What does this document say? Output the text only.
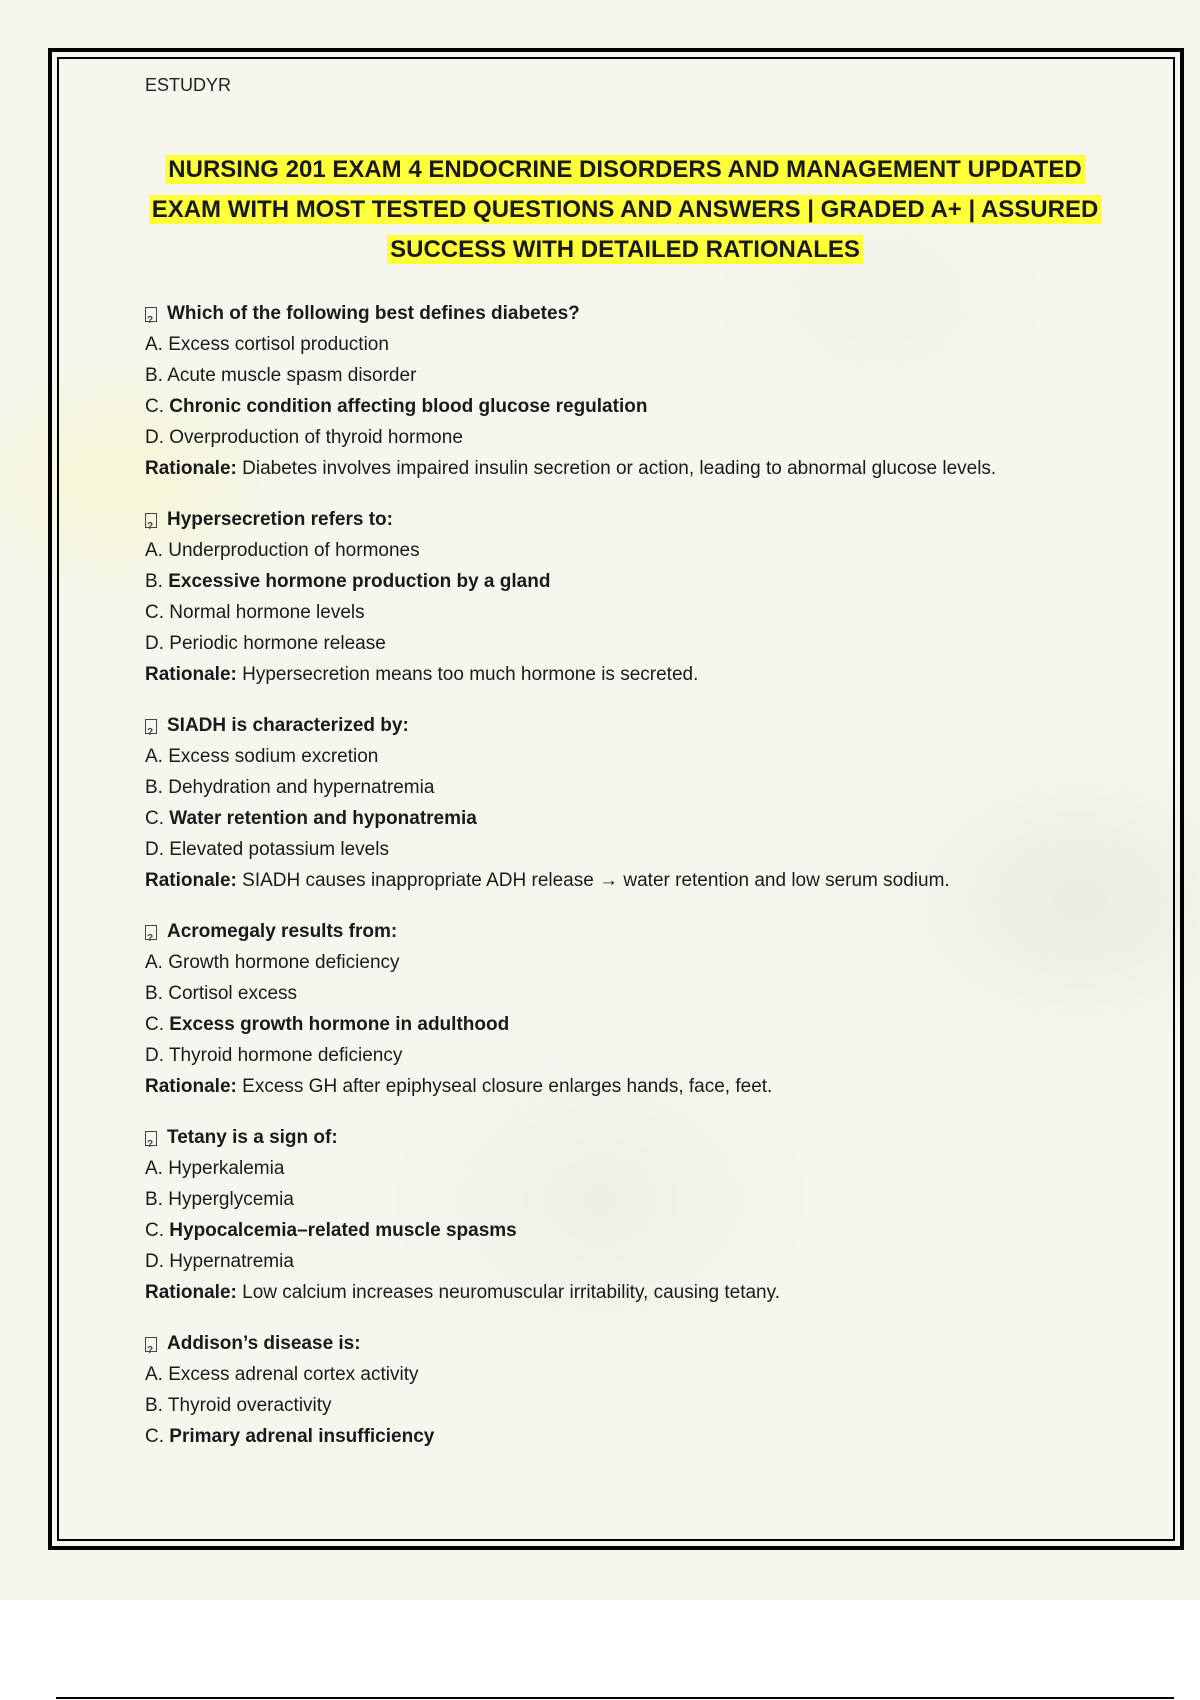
ESTUDYR
NURSING 201 EXAM 4 ENDOCRINE DISORDERS AND MANAGEMENT UPDATED
EXAM WITH MOST TESTED QUESTIONS AND ANSWERS | GRADED A+ | ASSURED
SUCCESS WITH DETAILED RATIONALES
?
Which of the following best defines diabetes?
A. Excess cortisol production
B. Acute muscle spasm disorder
C. Chronic condition affecting blood glucose regulation
D. Overproduction of thyroid hormone
Rationale: Diabetes involves impaired insulin secretion or action, leading to abnormal glucose levels.
?
Hypersecretion refers to:
A. Underproduction of hormones
B. Excessive hormone production by a gland
C. Normal hormone levels
D. Periodic hormone release
Rationale: Hypersecretion means too much hormone is secreted.
?
SIADH is characterized by:
A. Excess sodium excretion
B. Dehydration and hypernatremia
C. Water retention and hyponatremia
D. Elevated potassium levels
Rationale: SIADH causes inappropriate ADH release → water retention and low serum sodium.
?
Acromegaly results from:
A. Growth hormone deficiency
B. Cortisol excess
C. Excess growth hormone in adulthood
D. Thyroid hormone deficiency
Rationale: Excess GH after epiphyseal closure enlarges hands, face, feet.
?
Tetany is a sign of:
A. Hyperkalemia
B. Hyperglycemia
C. Hypocalcemia–related muscle spasms
D. Hypernatremia
Rationale: Low calcium increases neuromuscular irritability, causing tetany.
?
Addison’s disease is:
A. Excess adrenal cortex activity
B. Thyroid overactivity
C. Primary adrenal insufficiency
